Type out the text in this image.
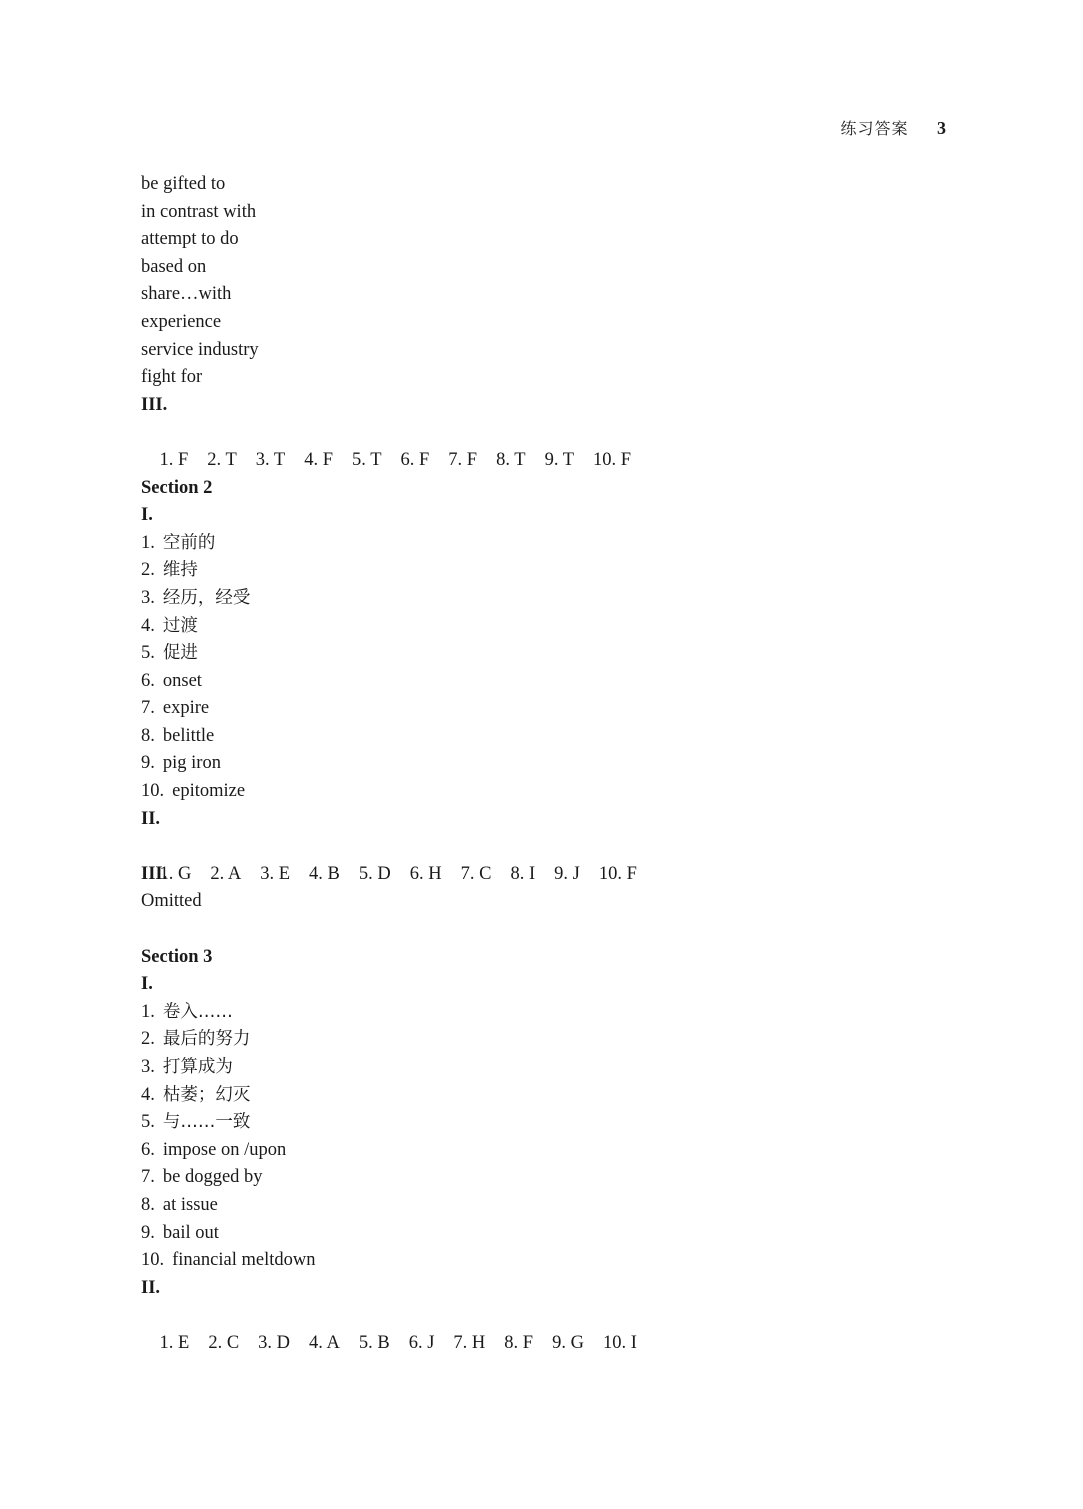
练习答案 3
be gifted to
in contrast with
attempt to do
based on
share…with
experience
service industry
fight for
III.

1. F 2. T 3. T 4. F 5. T 6. F 7. F 8. T 9. T 10. F

Section 2
I.
1. 空前的
2. 维持
3. 经历，经受
4. 过渡
5. 促进
6. onset
7. expire
8. belittle
9. pig iron
10. epitomize
II.

1. G 2. A 3. E 4. B 5. D 6. H 7. C 8. I 9. J 10. F

III.
Omitted
Section 3
I.
1. 卷入……
2. 最后的努力
3. 打算成为
4. 枯萎；幻灭
5. 与……一致
6. impose on /upon
7. be dogged by
8. at issue
9. bail out
10. financial meltdown
II.

1. E 2. C 3. D 4. A 5. B 6. J 7. H 8. F 9. G 10. I
